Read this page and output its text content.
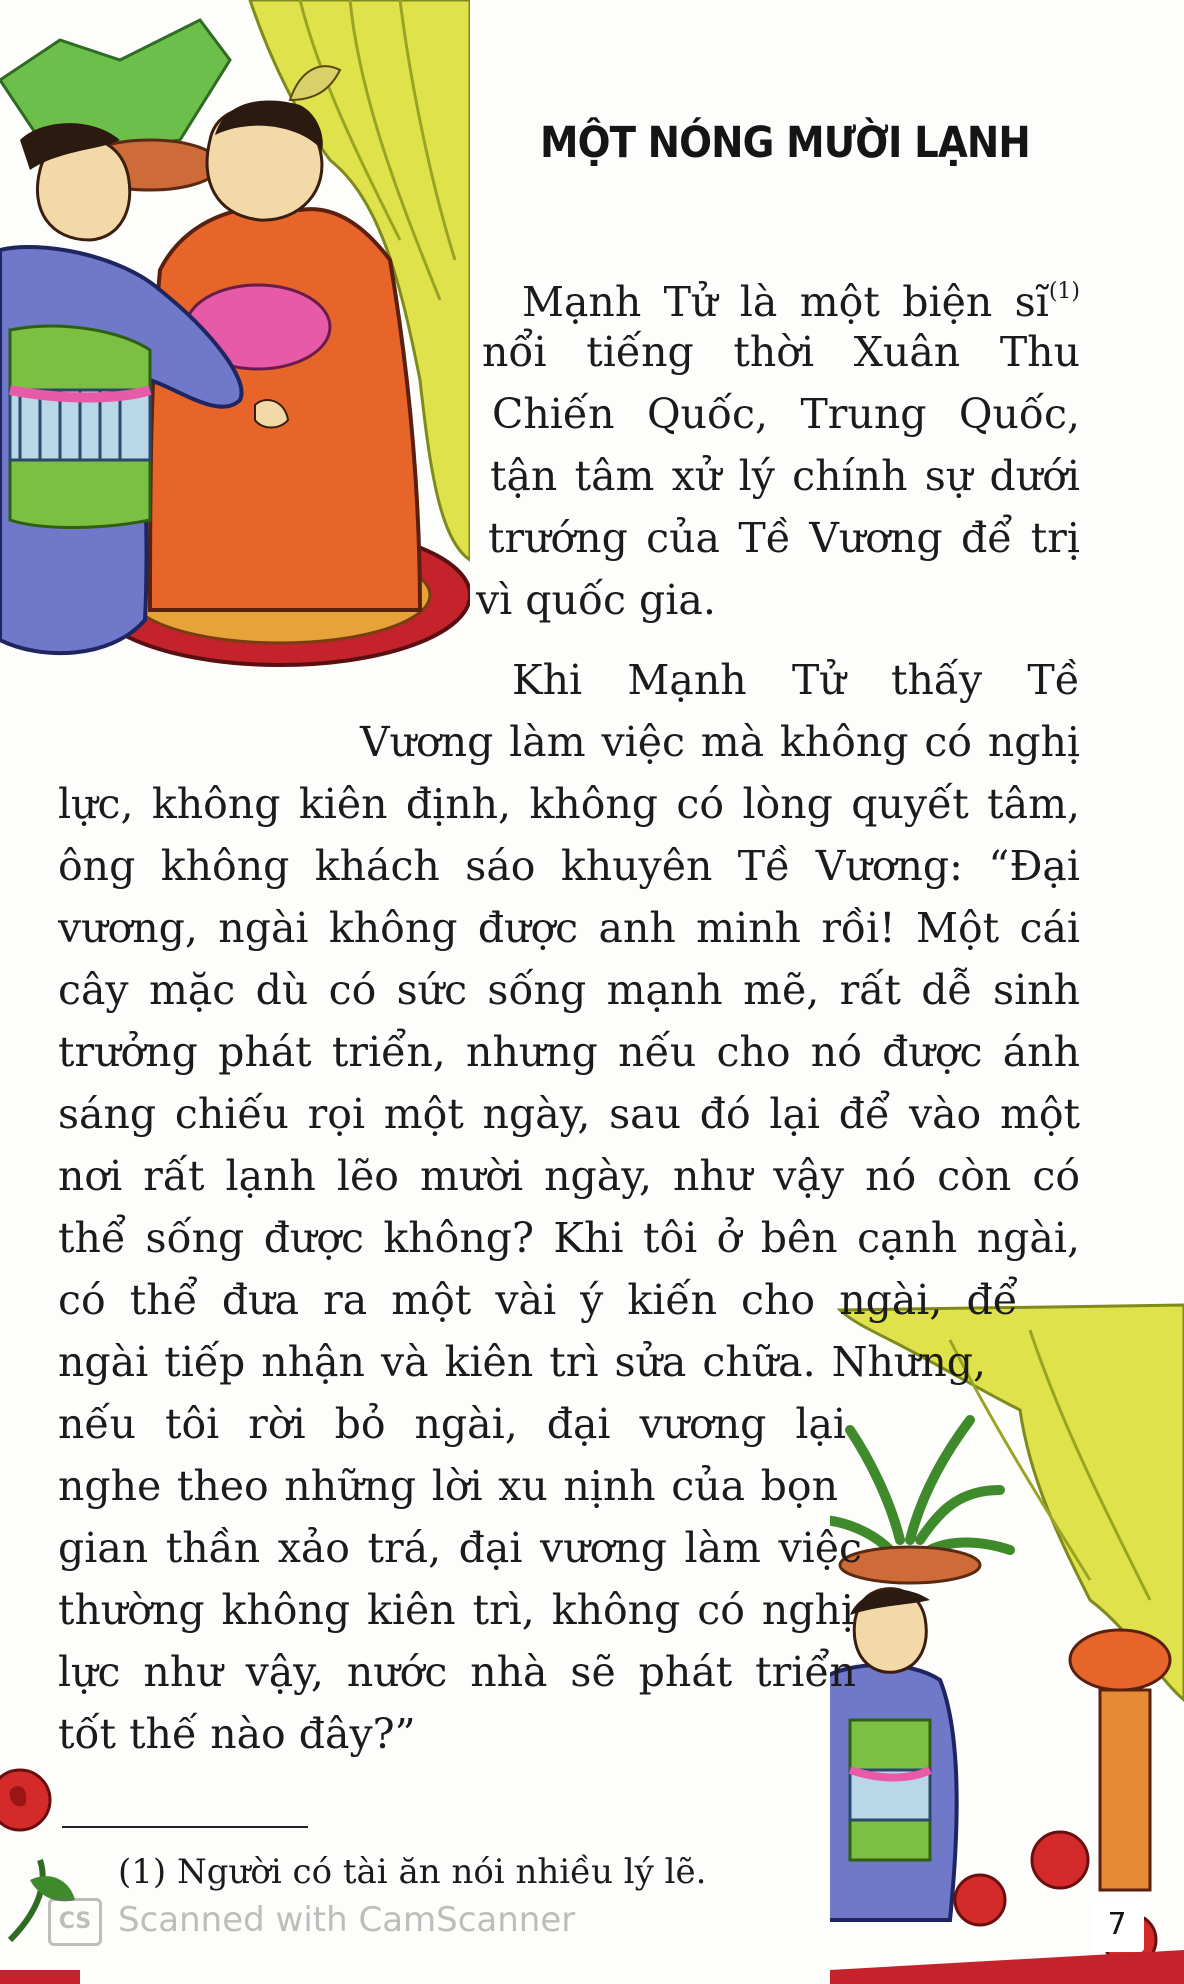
MỘT NÓNG MƯỜI LẠNH
Mạnh Tử là một biện $sĩ^{(1)}$
nổi tiếng thời Xuân Thu
Chiến Quốc, Trung Quốc,
tận tâm xử lý chính sự dưới
trướng của Tề Vương để trị
vì quốc gia.
Khi Mạnh Tử thấy Tề
Vương làm việc mà không có nghị
lực, không kiên định, không có lòng quyết tâm,
ông không khách sáo khuyên Tề Vương: “Đại
vương, ngài không được anh minh rồi! Một cái
cây mặc dù có sức sống mạnh mẽ, rất dễ sinh
trưởng phát triển, nhưng nếu cho nó được ánh
sáng chiếu rọi một ngày, sau đó lại để vào một
nơi rất lạnh lẽo mười ngày, như vậy nó còn có
thể sống được không? Khi tôi ở bên cạnh ngài,
có thể đưa ra một vài ý kiến cho ngài, để
ngài tiếp nhận và kiên trì sửa chữa. Nhưng,
nếu tôi rời bỏ ngài, đại vương lại
nghe theo những lời xu nịnh của bọn
gian thần xảo trá, đại vương làm việc
thường không kiên trì, không có nghị
lực như vậy, nước nhà sẽ phát triển
tốt thế nào đây?”
(1) Người có tài ăn nói nhiều lý lẽ.
CS Scanned with CamScanner	7
